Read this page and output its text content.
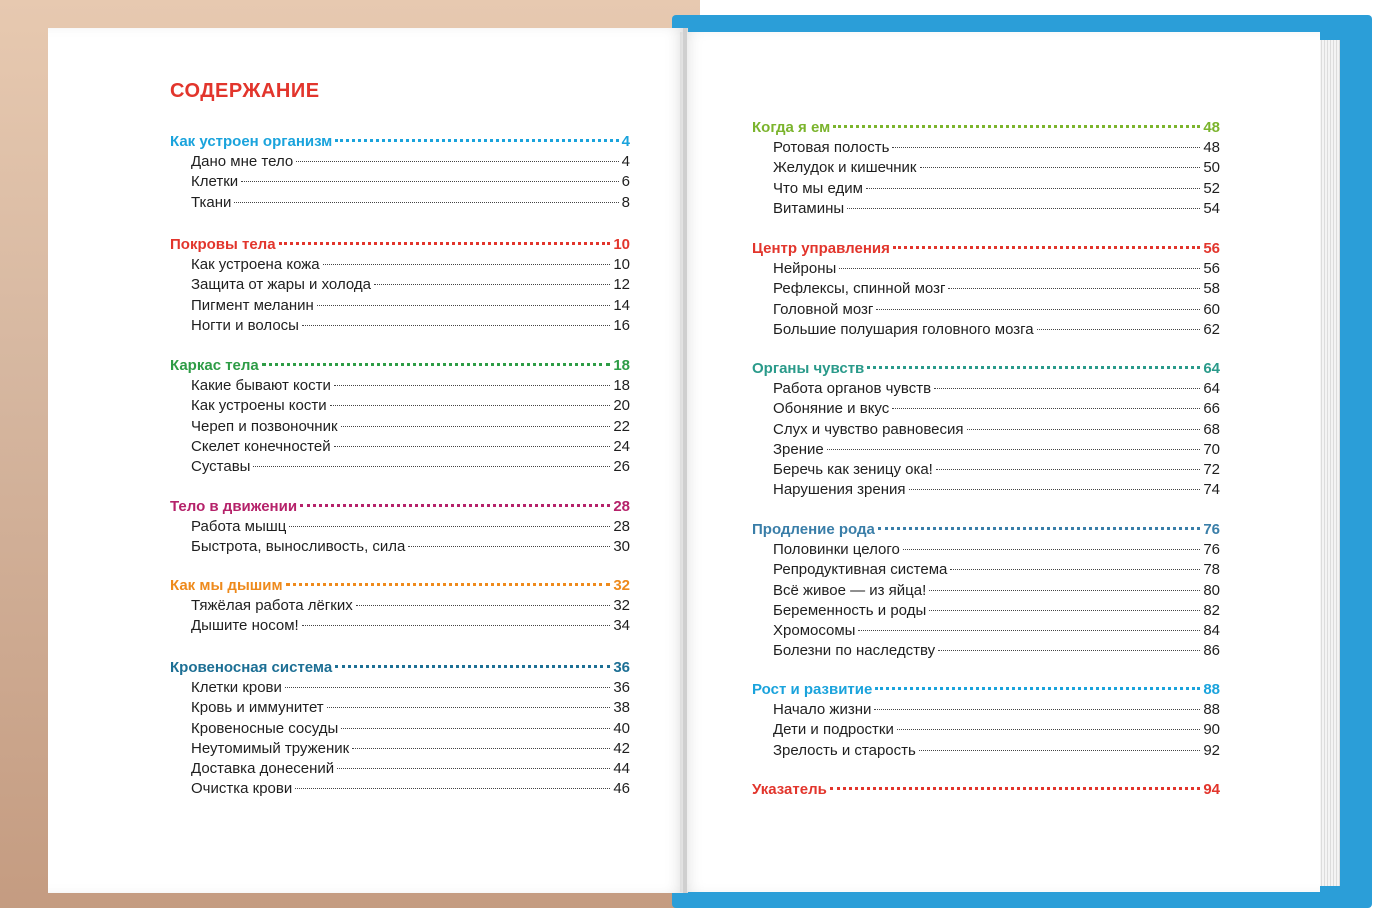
СОДЕРЖАНИЕ
Как устроен организм	4
Дано мне тело	4
Клетки	6
Ткани	8
Покровы тела	10
Как устроена кожа	10
Защита от жары и холода	12
Пигмент меланин	14
Ногти и волосы	16
Каркас тела	18
Какие бывают кости	18
Как устроены кости	20
Череп и позвоночник	22
Скелет конечностей	24
Суставы	26
Тело в движении	28
Работа мышц	28
Быстрота, выносливость, сила	30
Как мы дышим	32
Тяжёлая работа лёгких	32
Дышите носом!	34
Кровеносная система	36
Клетки крови	36
Кровь и иммунитет	38
Кровеносные сосуды	40
Неутомимый труженик	42
Доставка донесений	44
Очистка крови	46
Когда я ем	48
Ротовая полость	48
Желудок и кишечник	50
Что мы едим	52
Витамины	54
Центр управления	56
Нейроны	56
Рефлексы, спинной мозг	58
Головной мозг	60
Большие полушария головного мозга	62
Органы чувств	64
Работа органов чувств	64
Обоняние и вкус	66
Слух и чувство равновесия	68
Зрение	70
Беречь как зеницу ока!	72
Нарушения зрения	74
Продление рода	76
Половинки целого	76
Репродуктивная система	78
Всё живое — из яйца!	80
Беременность и роды	82
Хромосомы	84
Болезни по наследству	86
Рост и развитие	88
Начало жизни	88
Дети и подростки	90
Зрелость и старость	92
Указатель	94
